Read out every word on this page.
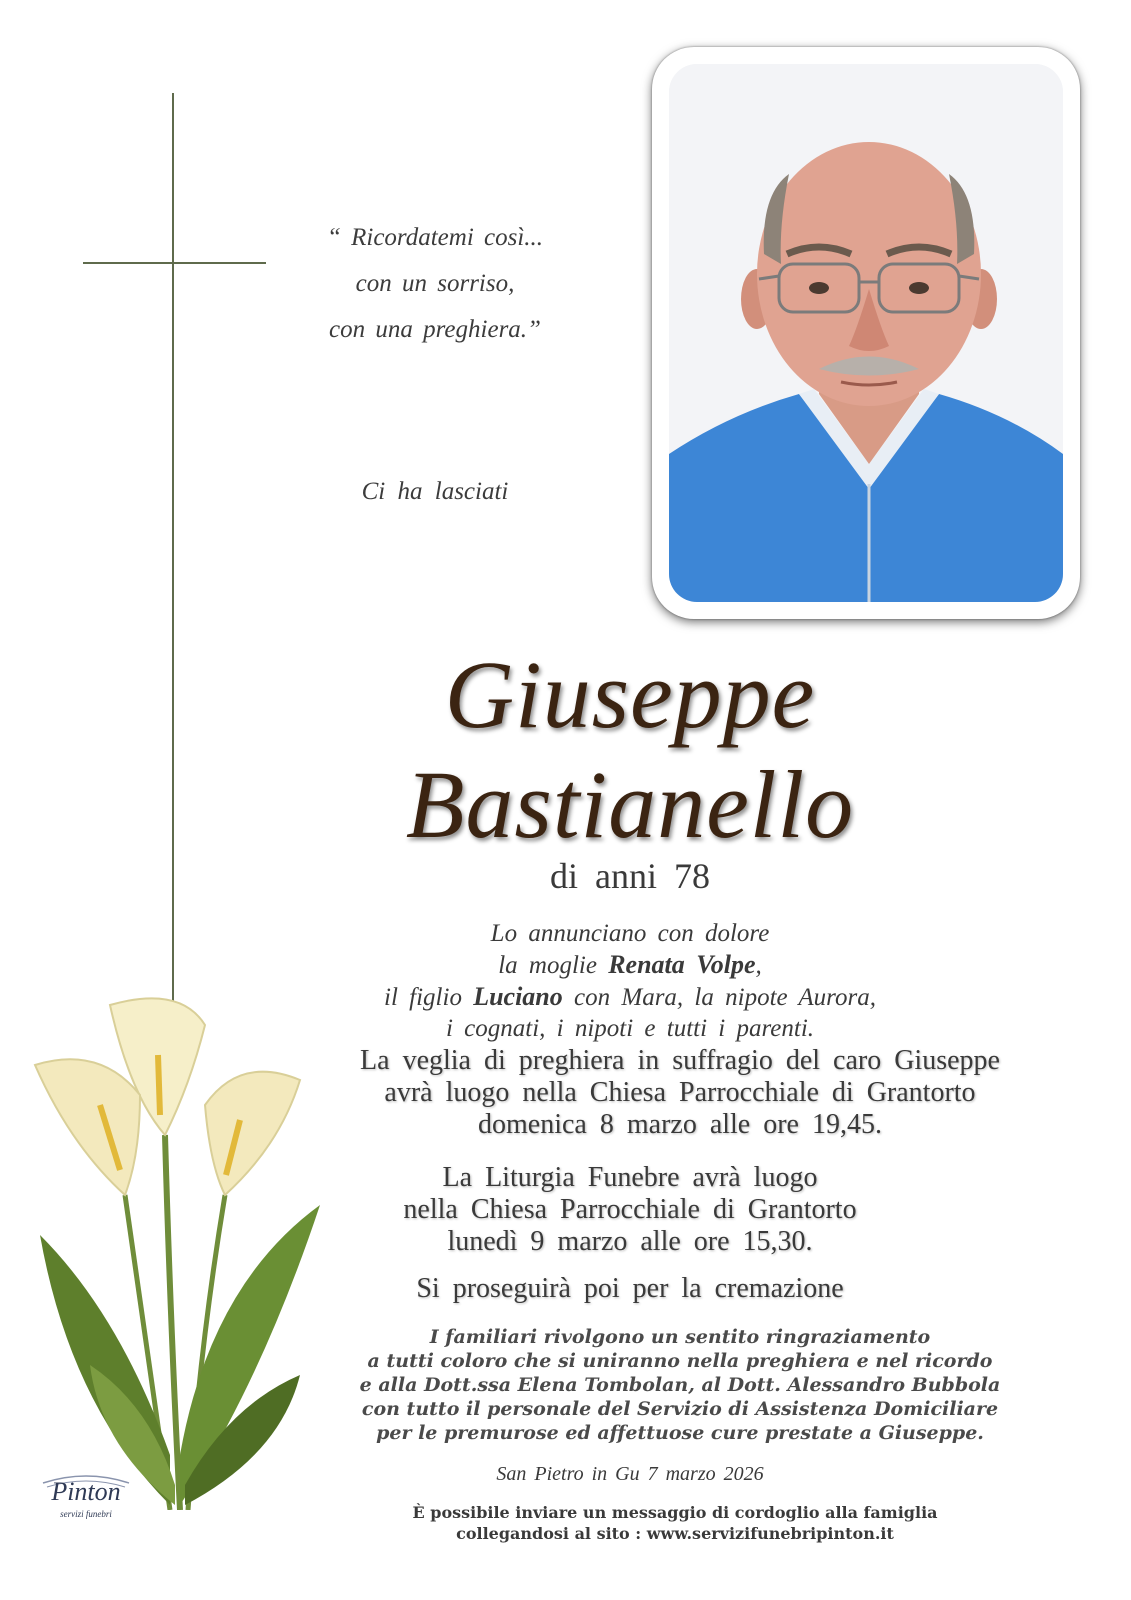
“ Ricordatemi così...
con un sorriso,
con una preghiera.”
Ci ha lasciati
Giuseppe
Bastianello
di anni 78
Lo annunciano con dolore
la moglie Renata Volpe,
il figlio Luciano con Mara, la nipote Aurora,
i cognati, i nipoti e tutti i parenti.
La veglia di preghiera in suffragio del caro Giuseppe
avrà luogo nella Chiesa Parrocchiale di Grantorto
domenica 8 marzo alle ore 19,45.
La Liturgia Funebre avrà luogo
nella Chiesa Parrocchiale di Grantorto
lunedì 9 marzo alle ore 15,30.
Si proseguirà poi per la cremazione
I familiari rivolgono un sentito ringraziamento
a tutti coloro che si uniranno nella preghiera e nel ricordo
e alla Dott.ssa Elena Tombolan, al Dott. Alessandro Bubbola
con tutto il personale del Servizio di Assistenza Domiciliare
per le premurose ed affettuose cure prestate a Giuseppe.
San Pietro in Gu 7 marzo 2026
È possibile inviare un messaggio di cordoglio alla famiglia
collegandosi al sito : www.servizifunebripinton.it
Pinton
servizi funebri
